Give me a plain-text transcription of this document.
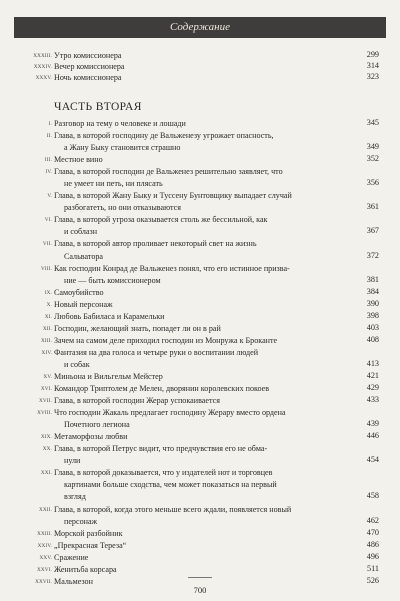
Содержание
XXXIII. Утро комиссионера	299
XXXIV. Вечер комиссионера	314
XXXV. Ночь комиссионера	323
ЧАСТЬ ВТОРАЯ
I. Разговор на тему о человеке и лошади	345
II. Глава, в которой господину де Вальженезу угрожает опасность,
а Жану Быку становится страшно	349
III. Местное вино	352
IV. Глава, в которой господин де Вальженез решительно заявляет, что
не умеет ни петь, ни плясать	356
V. Глава, в которой Жану Быку и Туссену Бунтовщику выпадает случай
разбогатеть, но они отказываются	361
VI. Глава, в которой угроза оказывается столь же бессильной, как
и соблазн	367
VII. Глава, в которой автор проливает некоторый свет на жизнь
Сальватора	372
VIII. Как господин Конрад де Вальженез понял, что его истинное призва-
ние — быть комиссионером	381
IX. Самоубийство	384
X. Новый персонаж	390
XI. Любовь Бабиласа и Карамельки	398
XII. Господин, желающий знать, попадет ли он в рай	403
XIII. Зачем на самом деле приходил господин из Монружа к Броканте	408
XIV. Фантазия на два голоса и четыре руки о воспитании людей
и собак	413
XV. Миньона и Вильгельм Мейстер	421
XVI. Командор Триптолем де Мелен, дворянин королевских покоев	429
XVII. Глава, в которой господин Жерар успокаивается	433
XVIII. Что господин Жакаль предлагает господину Жерару вместо ордена
Почетного легиона	439
XIX. Метаморфозы любви	446
XX. Глава, в которой Петрус видит, что предчувствия его не обма-
нули	454
XXI. Глава, в которой доказывается, что у издателей нот и торговцев
картинами больше сходства, чем может показаться на первый
взгляд	458
XXII. Глава, в которой, когда этого меньше всего ждали, появляется новый
персонаж	462
XXIII. Морской разбойник	470
XXIV. „Прекрасная Тереза“	486
XXV. Сражение	496
XXVI. Женитьба корсара	511
XXVII. Мальмезон	526
700
